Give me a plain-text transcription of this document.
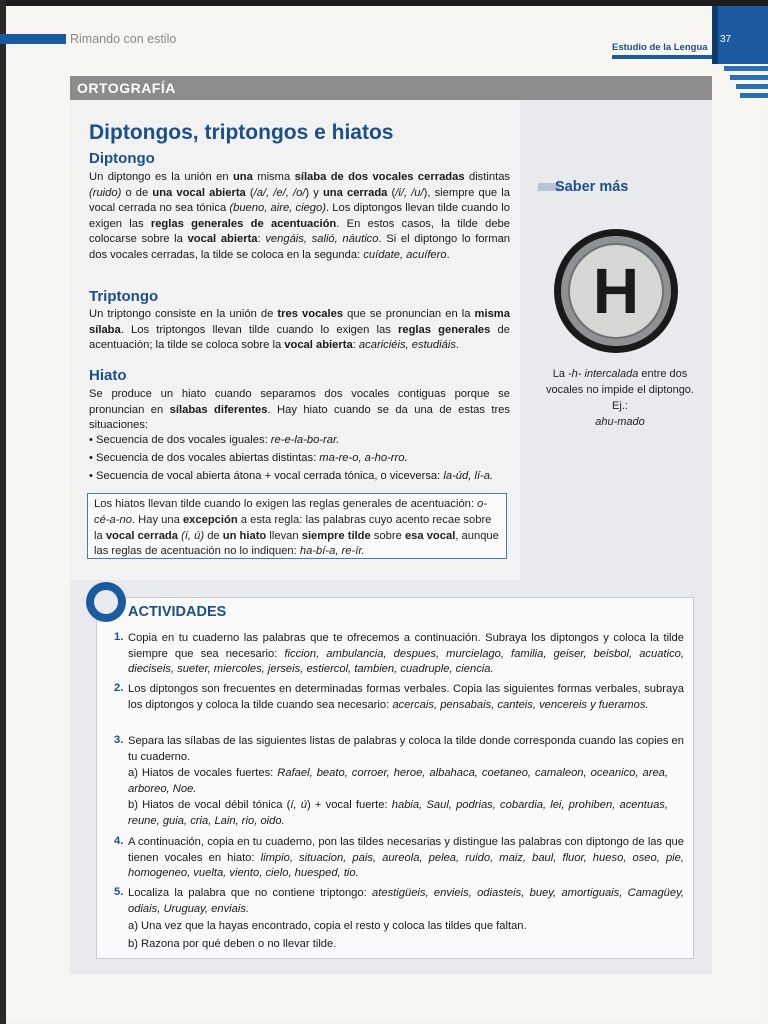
Rimando con estilo
Estudio de la Lengua
37
ORTOGRAFÍA
Diptongos, triptongos e hiatos
Diptongo
Un diptongo es la unión en una misma sílaba de dos vocales cerradas distintas (ruido) o de una vocal abierta (/a/, /e/, /o/) y una cerrada (/i/, /u/), siempre que la vocal cerrada no sea tónica (bueno, aire, ciego). Los diptongos llevan tilde cuando lo exigen las reglas generales de acentuación. En estos casos, la tilde debe colocarse sobre la vocal abierta: vengáis, salió, náutico. Si el diptongo lo forman dos vocales cerradas, la tilde se coloca en la segunda: cuídate, acuífero.
Triptongo
Un triptongo consiste en la unión de tres vocales que se pronuncian en la misma sílaba. Los triptongos llevan tilde cuando lo exigen las reglas generales de acentuación; la tilde se coloca sobre la vocal abierta: acariciéis, estudiáis.
Hiato
Se produce un hiato cuando separamos dos vocales contiguas porque se pronuncian en sílabas diferentes. Hay hiato cuando se da una de estas tres situaciones:
• Secuencia de dos vocales iguales: re-e-la-bo-rar.
• Secuencia de dos vocales abiertas distintas: ma-re-o, a-ho-rro.
• Secuencia de vocal abierta átona + vocal cerrada tónica, o viceversa: la-úd, lí-a.
Los hiatos llevan tilde cuando lo exigen las reglas generales de acentuación: o-cé-a-no. Hay una excepción a esta regla: las palabras cuyo acento recae sobre la vocal cerrada (í, ú) de un hiato llevan siempre tilde sobre esa vocal, aunque las reglas de acentuación no lo indiquen: ha-bí-a, re-ír.
Saber más
H
La -h- intercalada entre dos vocales no impide el diptongo. Ej.:
ahu-mado
ACTIVIDADES
1. Copia en tu cuaderno las palabras que te ofrecemos a continuación. Subraya los diptongos y coloca la tilde siempre que sea necesario: ficcion, ambulancia, despues, murcielago, familia, geiser, beisbol, acuatico, dieciseis, sueter, miercoles, jerseis, estiercol, tambien, cuadruple, ciencia.
2. Los diptongos son frecuentes en determinadas formas verbales. Copia las siguientes formas verbales, subraya los diptongos y coloca la tilde cuando sea necesario: acercais, pensabais, canteis, vencereis y fueramos.
3. Separa las sílabas de las siguientes listas de palabras y coloca la tilde donde corresponda cuando las copies en tu cuaderno.
a) Hiatos de vocales fuertes: Rafael, beato, corroer, heroe, albahaca, coetaneo, camaleon, oceanico, area, arboreo, Noe.
b) Hiatos de vocal débil tónica (í, ú) + vocal fuerte: habia, Saul, podrias, cobardia, lei, prohiben, acentuas, reune, guia, cria, Lain, rio, oido.
4. A continuación, copia en tu cuaderno, pon las tildes necesarias y distingue las palabras con diptongo de las que tienen vocales en hiato: limpio, situacion, pais, aureola, pelea, ruido, maiz, baul, fluor, hueso, oseo, pie, homogeneo, vuelta, viento, cielo, huesped, tio.
5. Localiza la palabra que no contiene triptongo: atestigüeis, envieis, odiasteis, buey, amortiguais, Camagüey, odiais, Uruguay, enviais.
a) Una vez que la hayas encontrado, copia el resto y coloca las tildes que faltan.
b) Razona por qué deben o no llevar tilde.
